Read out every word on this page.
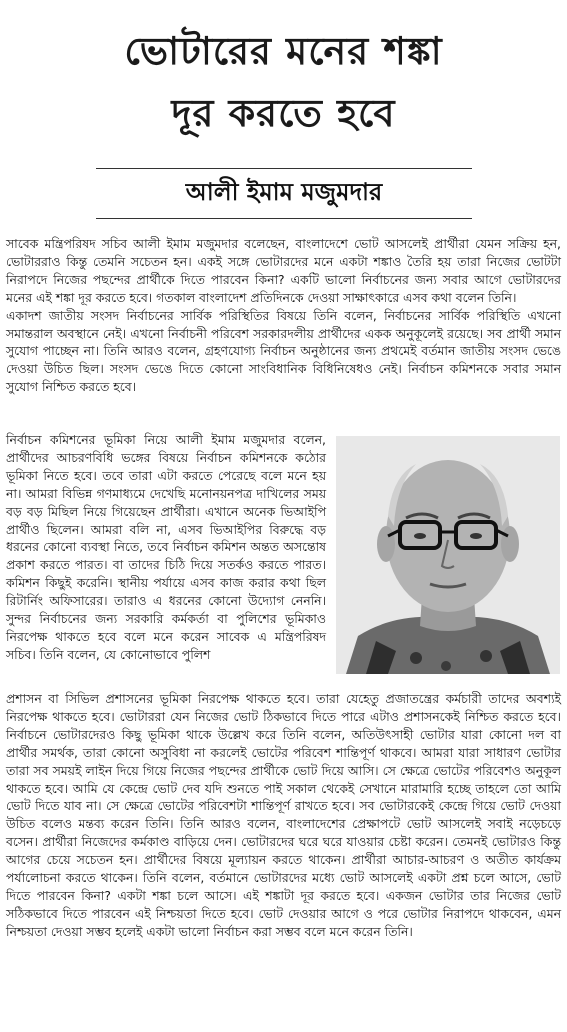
ভোটারের মনের শঙ্কা
দূর করতে হবে
আলী ইমাম মজুমদার

সাবেক মন্ত্রিপরিষদ সচিব আলী ইমাম মজুমদার বলেছেন, বাংলাদেশে ভোট আসলেই প্রার্থীরা যেমন সক্রিয় হন, ভোটাররাও কিন্তু তেমনি সচেতন হন। একই সঙ্গে ভোটারদের মনে একটা শঙ্কাও তৈরি হয় তারা নিজের ভোটটা নিরাপদে নিজের পছন্দের প্রার্থীকে দিতে পারবেন কিনা? একটি ভালো নির্বাচনের জন্য সবার আগে ভোটারদের মনের এই শঙ্কা দূর করতে হবে। গতকাল বাংলাদেশ প্রতিদিনকে দেওয়া সাক্ষাৎকারে এসব কথা বলেন তিনি।

একাদশ জাতীয় সংসদ নির্বাচনের সার্বিক পরিস্থিতির বিষয়ে তিনি বলেন, নির্বাচনের সার্বিক পরিস্থিতি এখনো সমান্তরাল অবস্থানে নেই। এখনো নির্বাচনী পরিবেশ সরকারদলীয় প্রার্থীদের একক অনুকূলেই রয়েছে। সব প্রার্থী সমান সুযোগ পাচ্ছেন না। তিনি আরও বলেন, গ্রহণযোগ্য নির্বাচন অনুষ্ঠানের জন্য প্রথমেই বর্তমান জাতীয় সংসদ ভেঙে দেওয়া উচিত ছিল। সংসদ ভেঙে দিতে কোনো সাংবিধানিক বিধিনিষেধও নেই। নির্বাচন কমিশনকে সবার সমান সুযোগ নিশ্চিত করতে হবে।

নির্বাচন কমিশনের ভূমিকা নিয়ে আলী ইমাম মজুমদার বলেন, প্রার্থীদের আচরণবিধি ভঙ্গের বিষয়ে নির্বাচন কমিশনকে কঠোর ভূমিকা নিতে হবে। তবে তারা এটা করতে পেরেছে বলে মনে হয় না। আমরা বিভিন্ন গণমাধ্যমে দেখেছি মনোনয়নপত্র দাখিলের সময় বড় বড় মিছিল নিয়ে গিয়েছেন প্রার্থীরা। এখানে অনেক ভিআইপি প্রার্থীও ছিলেন। আমরা বলি না, এসব ভিআইপির বিরুদ্ধে বড় ধরনের কোনো ব্যবস্থা নিতে, তবে নির্বাচন কমিশন অন্তত অসন্তোষ প্রকাশ করতে পারত। বা তাদের চিঠি দিয়ে সতর্কও করতে পারত। কমিশন কিছুই করেনি। স্থানীয় পর্যায়ে এসব কাজ করার কথা ছিল রিটার্নিং অফিসারের। তারাও এ ধরনের কোনো উদ্যোগ নেননি। সুন্দর নির্বাচনের জন্য সরকারি কর্মকর্তা বা পুলিশের ভূমিকাও নিরপেক্ষ থাকতে হবে বলে মনে করেন সাবেক এ মন্ত্রিপরিষদ সচিব। তিনি বলেন, যে কোনোভাবে পুলিশ

প্রশাসন বা সিভিল প্রশাসনের ভূমিকা নিরপেক্ষ থাকতে হবে। তারা যেহেতু প্রজাতন্ত্রের কর্মচারী তাদের অবশ্যই নিরপেক্ষ থাকতে হবে। ভোটাররা যেন নিজের ভোট ঠিকভাবে দিতে পারে এটাও প্রশাসনকেই নিশ্চিত করতে হবে। নির্বাচনে ভোটারদেরও কিছু ভূমিকা থাকে উল্লেখ করে তিনি বলেন, অতিউৎসাহী ভোটার যারা কোনো দল বা প্রার্থীর সমর্থক, তারা কোনো অসুবিধা না করলেই ভোটের পরিবেশ শান্তিপূর্ণ থাকবে। আমরা যারা সাধারণ ভোটার তারা সব সময়ই লাইন দিয়ে গিয়ে নিজের পছন্দের প্রার্থীকে ভোট দিয়ে আসি। সে ক্ষেত্রে ভোটের পরিবেশও অনুকূল থাকতে হবে। আমি যে কেন্দ্রে ভোট দেব যদি শুনতে পাই সকাল থেকেই সেখানে মারামারি হচ্ছে তাহলে তো আমি ভোট দিতে যাব না। সে ক্ষেত্রে ভোটের পরিবেশটা শান্তিপূর্ণ রাখতে হবে। সব ভোটারকেই কেন্দ্রে গিয়ে ভোট দেওয়া উচিত বলেও মন্তব্য করেন তিনি। তিনি আরও বলেন, বাংলাদেশের প্রেক্ষাপটে ভোট আসলেই সবাই নড়েচড়ে বসেন। প্রার্থীরা নিজেদের কর্মকাণ্ড বাড়িয়ে দেন। ভোটারদের ঘরে ঘরে যাওয়ার চেষ্টা করেন। তেমনই ভোটারও কিন্তু আগের চেয়ে সচেতন হন। প্রার্থীদের বিষয়ে মূল্যায়ন করতে থাকেন। প্রার্থীরা আচার-আচরণ ও অতীত কার্যক্রম পর্যালোচনা করতে থাকেন। তিনি বলেন, বর্তমানে ভোটারদের মধ্যে ভোট আসলেই একটা প্রশ্ন চলে আসে, ভোট দিতে পারবেন কিনা? একটা শঙ্কা চলে আসে। এই শঙ্কাটা দূর করতে হবে। একজন ভোটার তার নিজের ভোট সঠিকভাবে দিতে পারবেন এই নিশ্চয়তা দিতে হবে। ভোট দেওয়ার আগে ও পরে ভোটার নিরাপদে থাকবেন, এমন নিশ্চয়তা দেওয়া সম্ভব হলেই একটা ভালো নির্বাচন করা সম্ভব বলে মনে করেন তিনি।
